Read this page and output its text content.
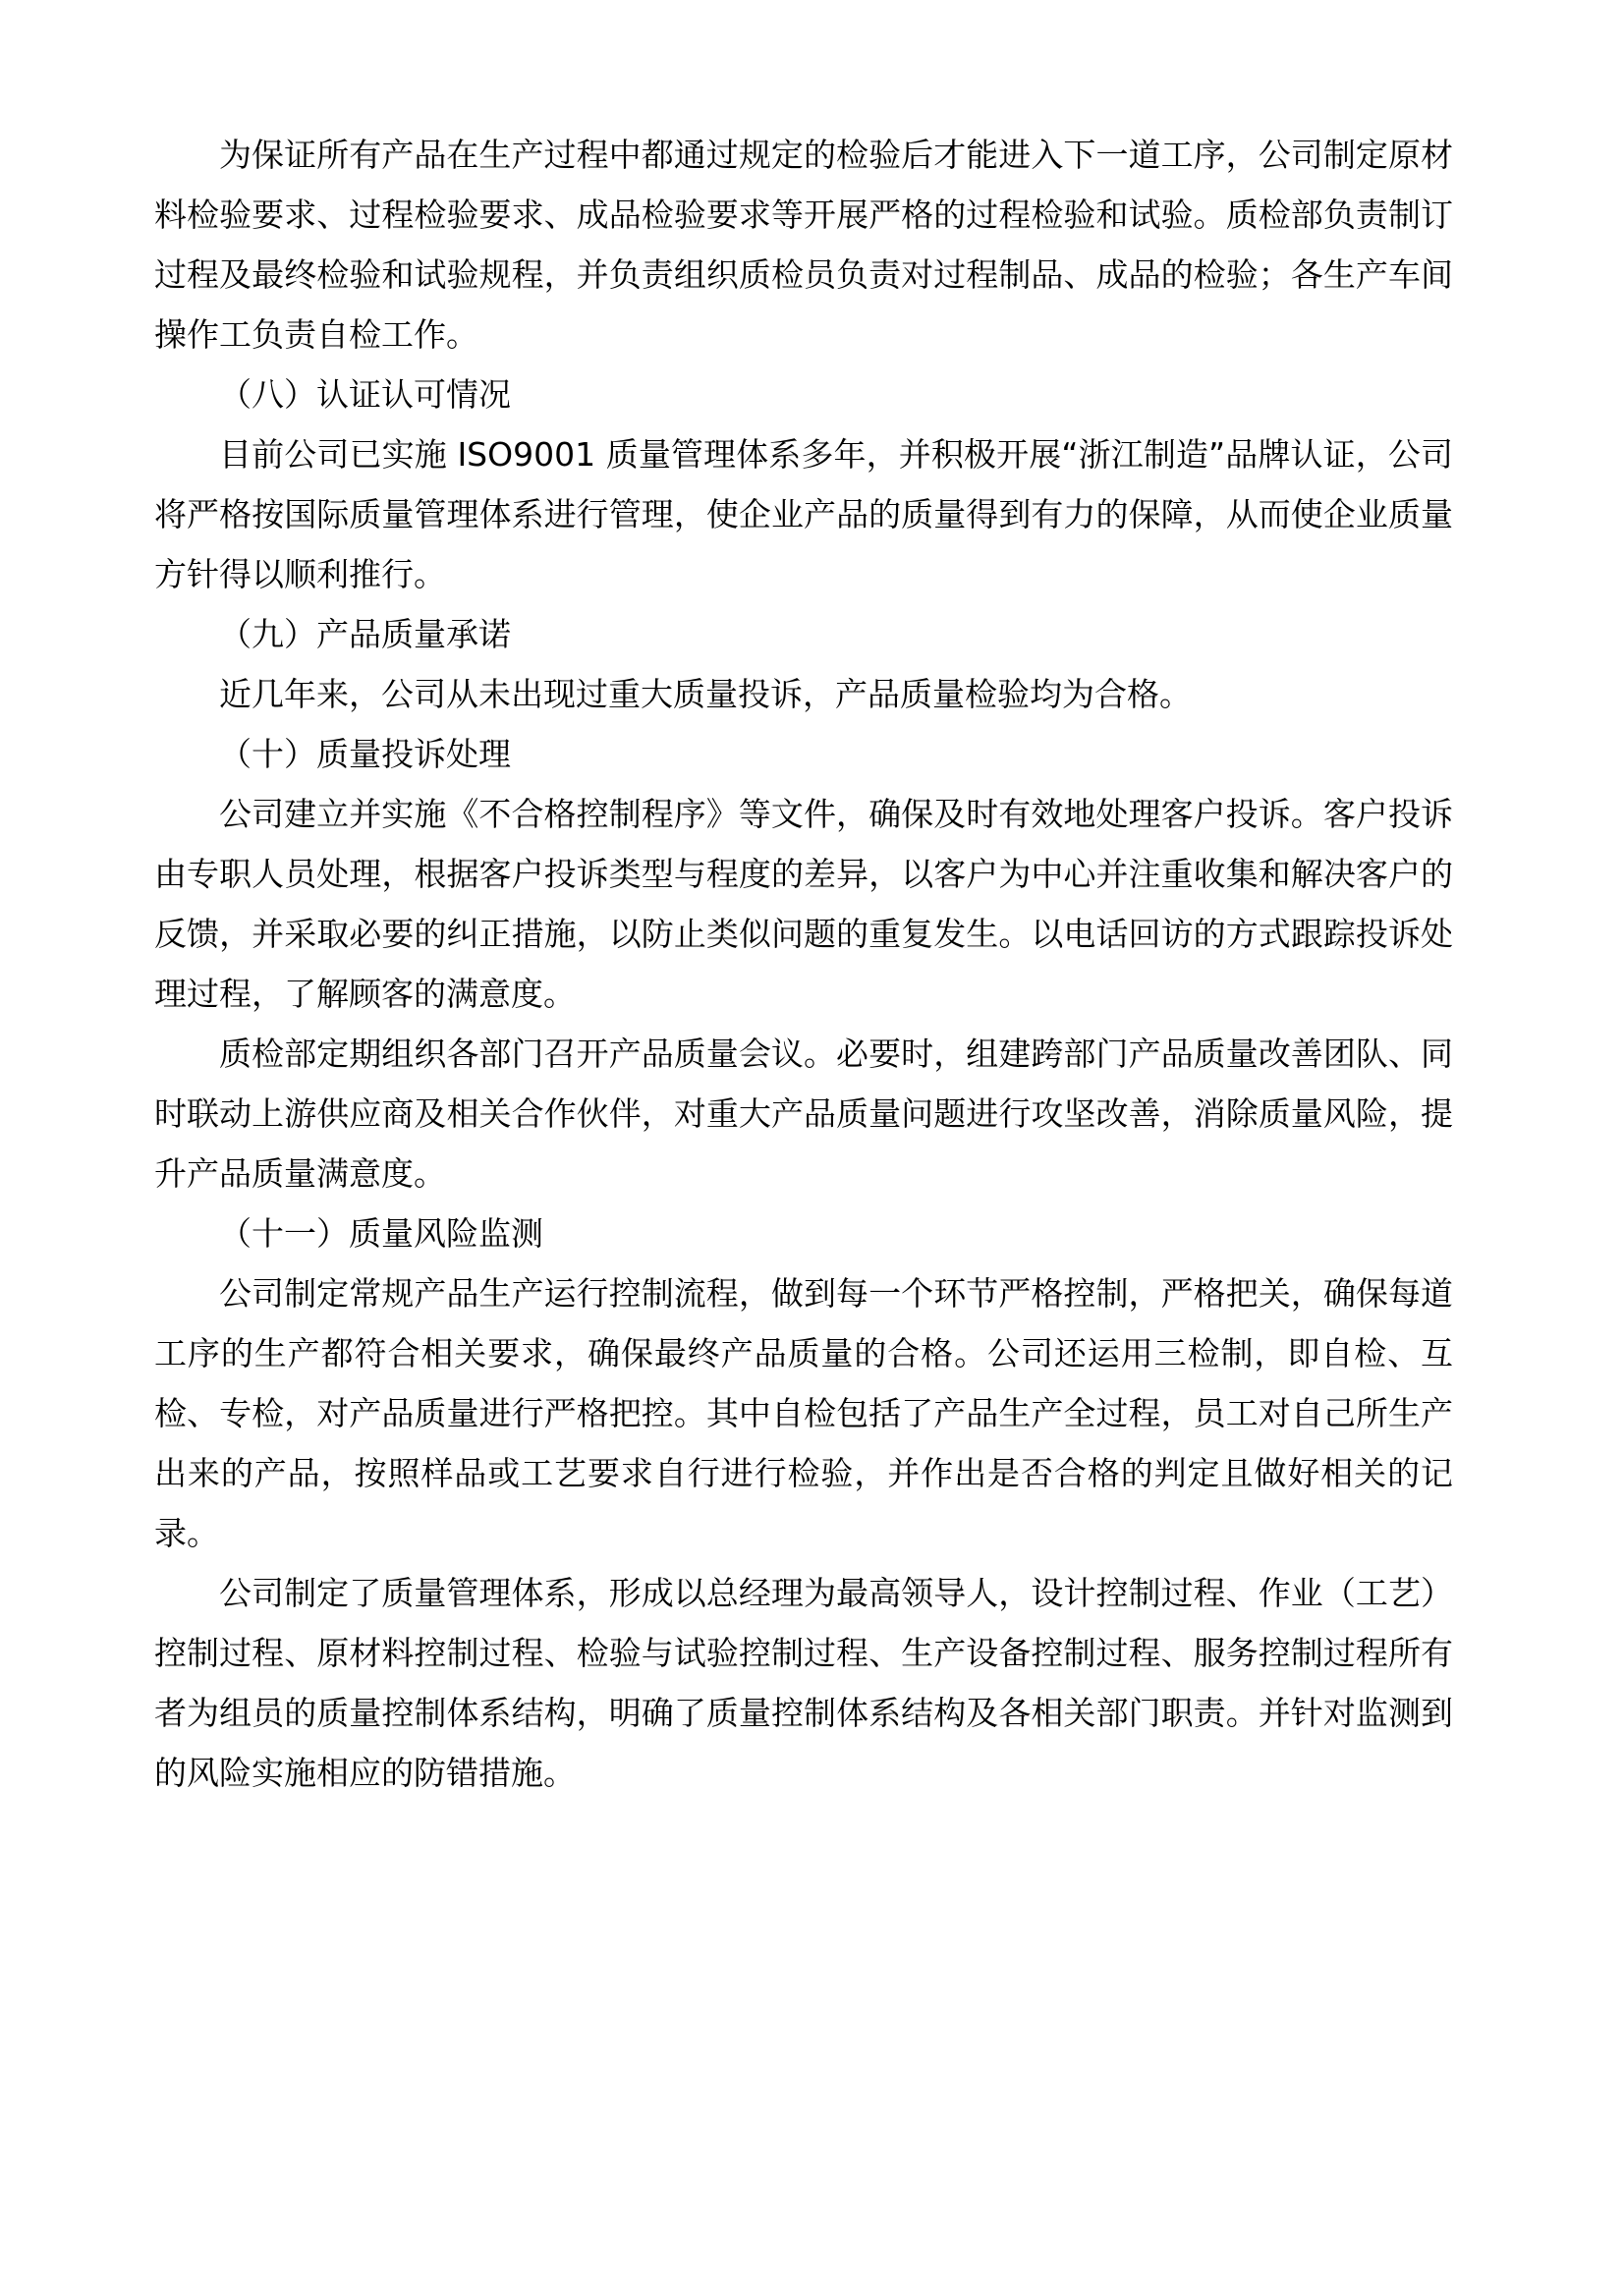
为保证所有产品在生产过程中都通过规定的检验后才能进入下一道工序，公司制定原材料检验要求、过程检验要求、成品检验要求等开展严格的过程检验和试验。质检部负责制订过程及最终检验和试验规程，并负责组织质检员负责对过程制品、成品的检验；各生产车间操作工负责自检工作。

（八）认证认可情况

目前公司已实施 ISO9001 质量管理体系多年，并积极开展“浙江制造”品牌认证，公司将严格按国际质量管理体系进行管理，使企业产品的质量得到有力的保障，从而使企业质量方针得以顺利推行。

（九）产品质量承诺

近几年来，公司从未出现过重大质量投诉，产品质量检验均为合格。

（十）质量投诉处理

公司建立并实施《不合格控制程序》等文件，确保及时有效地处理客户投诉。客户投诉由专职人员处理，根据客户投诉类型与程度的差异，以客户为中心并注重收集和解决客户的反馈，并采取必要的纠正措施，以防止类似问题的重复发生。以电话回访的方式跟踪投诉处理过程，了解顾客的满意度。

质检部定期组织各部门召开产品质量会议。必要时，组建跨部门产品质量改善团队、同时联动上游供应商及相关合作伙伴，对重大产品质量问题进行攻坚改善，消除质量风险，提升产品质量满意度。

（十一）质量风险监测

公司制定常规产品生产运行控制流程，做到每一个环节严格控制，严格把关，确保每道工序的生产都符合相关要求，确保最终产品质量的合格。公司还运用三检制，即自检、互检、专检，对产品质量进行严格把控。其中自检包括了产品生产全过程，员工对自己所生产出来的产品，按照样品或工艺要求自行进行检验，并作出是否合格的判定且做好相关的记录。

公司制定了质量管理体系，形成以总经理为最高领导人，设计控制过程、作业（工艺）控制过程、原材料控制过程、检验与试验控制过程、生产设备控制过程、服务控制过程所有者为组员的质量控制体系结构，明确了质量控制体系结构及各相关部门职责。并针对监测到的风险实施相应的防错措施。
